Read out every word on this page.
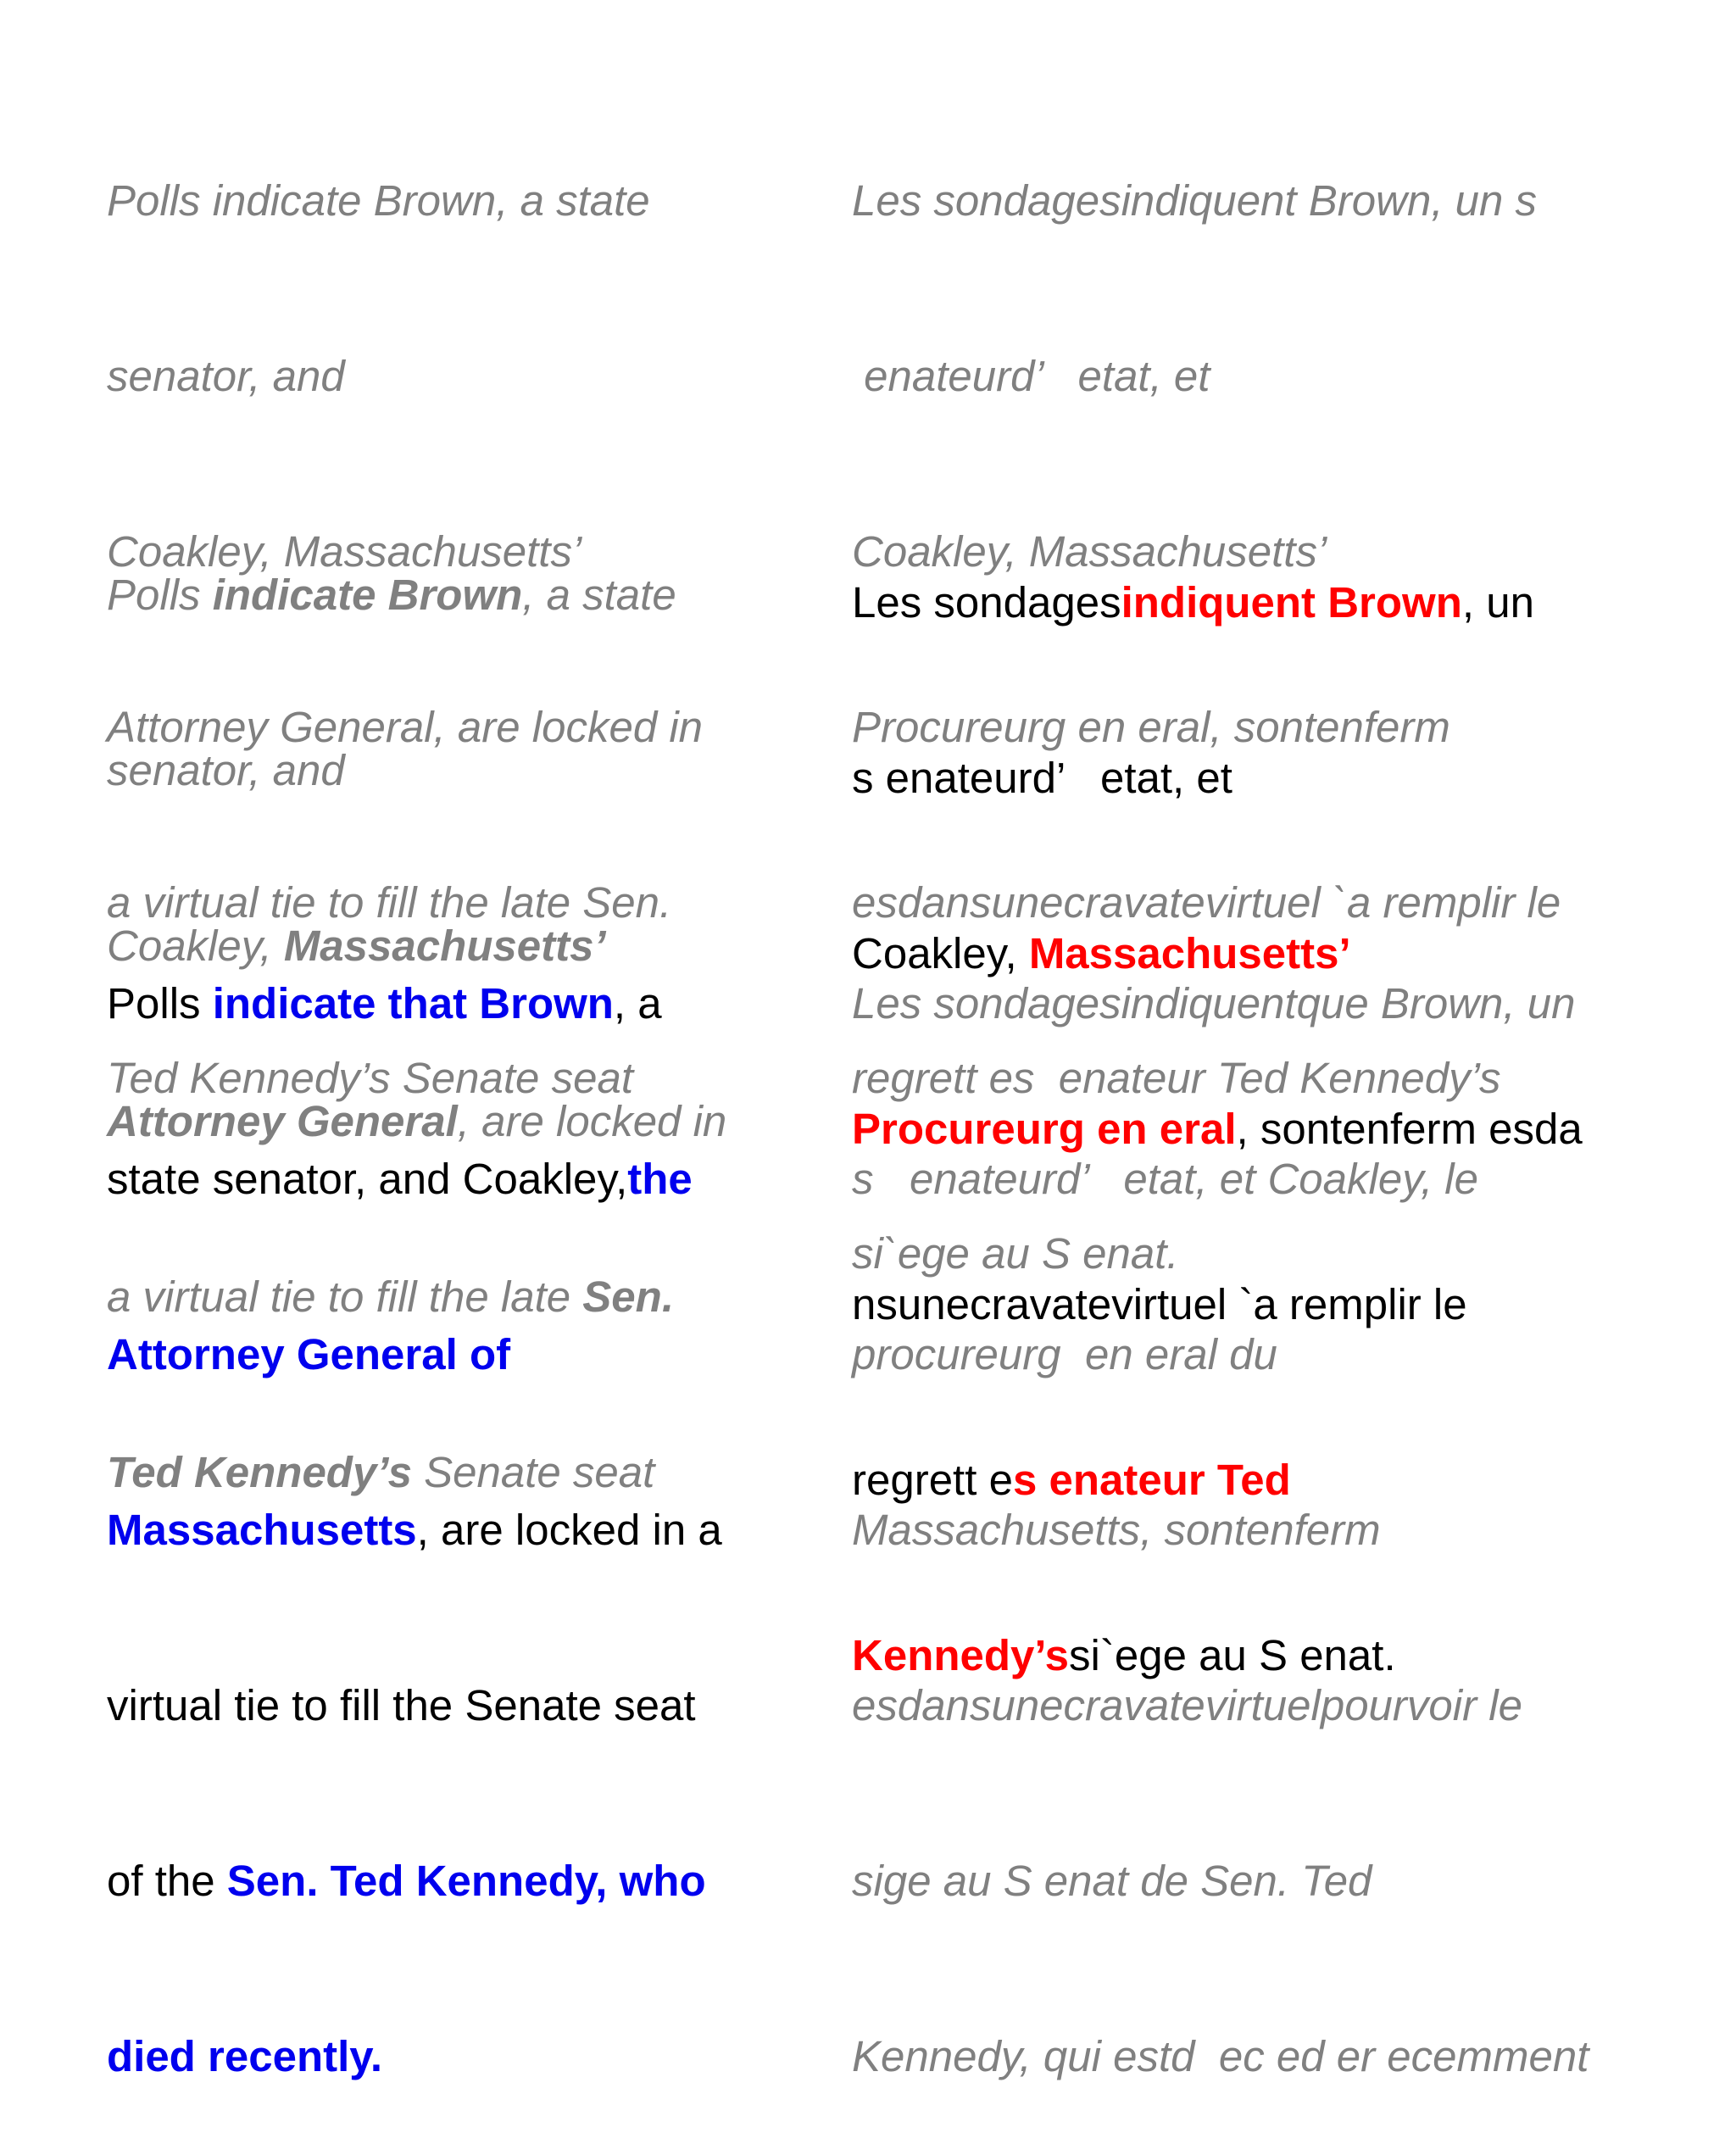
Polls indicate Brown, a state

senator, and

Coakley, Massachusetts’

Attorney General, are locked in

a virtual tie to fill the late Sen.

Ted Kennedy’s Senate seat

Les sondagesindiquent Brown, un s

enateurd’   etat, et

Coakley, Massachusetts’

Procureurg en eral, sontenferm

esdansunecravatevirtuel `a remplir le

regrett es  enateur Ted Kennedy’s

si`ege au S enat.

Polls indicate Brown, a state

senator, and

Coakley, Massachusetts’

Attorney General, are locked in

a virtual tie to fill the late Sen.

Ted Kennedy’s Senate seat

Les sondagesindiquent Brown, un

s enateurd’   etat, et

Coakley, Massachusetts’

Procureurg en eral, sontenferm esda

nsunecravatevirtuel `a remplir le

regrett es enateur Ted

Kennedy’ssi`ege au S enat.

Polls indicate that Brown, a

state senator, and Coakley,the

Attorney General of

Massachusetts, are locked in a

virtual tie to fill the Senate seat

of the Sen. Ted Kennedy, who

died recently.

Les sondagesindiquentque Brown, un

s   enateurd’   etat, et Coakley, le

procureurg  en eral du

Massachusetts, sontenferm

esdansunecravatevirtuelpourvoir le

sige au S enat de Sen. Ted

Kennedy, qui estd  ec ed er ecemment
